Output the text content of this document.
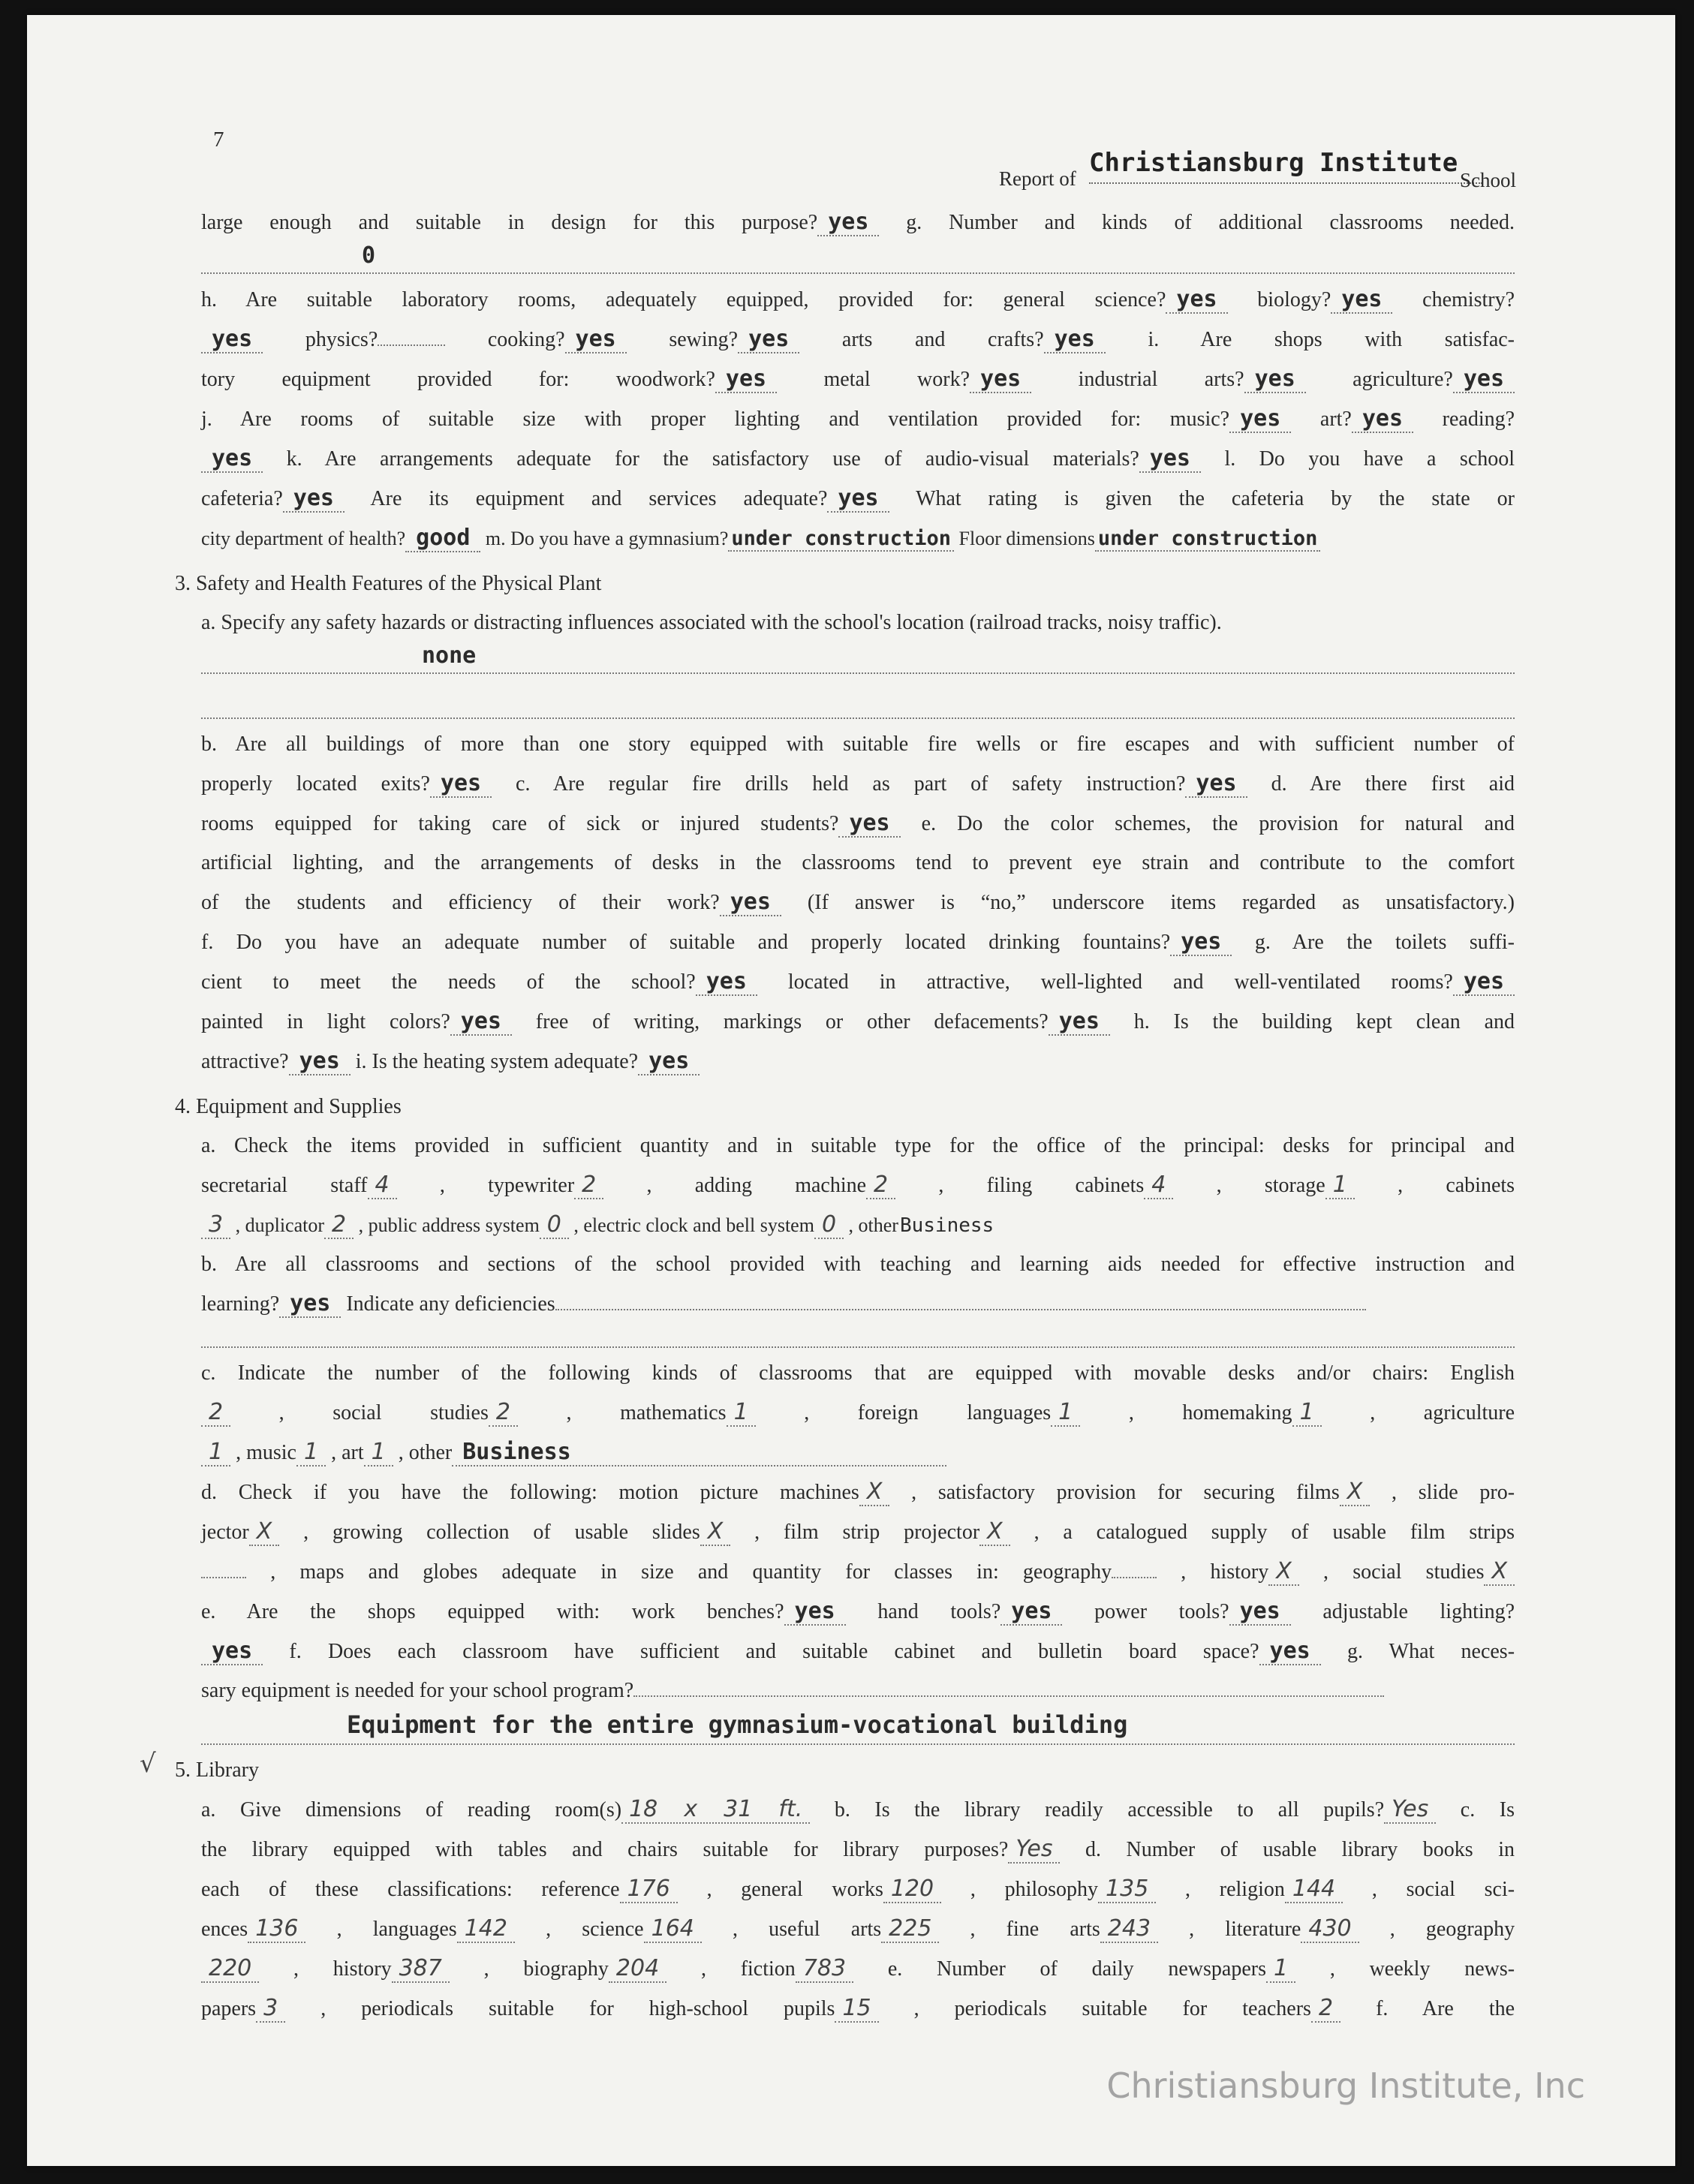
7
Report of
Christiansburg Institute
School
√

large enough and suitable in design for this purpose? yes g. Number and kinds of additional classrooms needed.

0

h. Are suitable laboratory rooms, adequately equipped, provided for: general science? yes biology? yes chemistry?

yes	physics?	cooking? yes	sewing? yes	arts and crafts? yes	i. Are shops with satisfac-

tory equipment provided for: woodwork? yes	metal work? yes	industrial arts? yes	agriculture? yes

j. Are rooms of suitable size with proper lighting and ventilation provided for: music? yes art? yes reading?

yes k. Are arrangements adequate for the satisfactory use of audio-visual materials? yes l. Do you have a school

cafeteria? yes Are its equipment and services adequate? yes What rating is given the cafeteria by the state or

city department of health? good m. Do you have a gymnasium? under construction Floor dimensions under construction

3. Safety and Health Features of the Physical Plant

a. Specify any safety hazards or distracting influences associated with the school's location (railroad tracks, noisy traffic).

none

b. Are all buildings of more than one story equipped with suitable fire wells or fire escapes and with sufficient number of

properly located exits? yes c. Are regular fire drills held as part of safety instruction? yes d. Are there first aid

rooms equipped for taking care of sick or injured students? yes e. Do the color schemes, the provision for natural and

artificial lighting, and the arrangements of desks in the classrooms tend to prevent eye strain and contribute to the comfort

of the students and efficiency of their work? yes (If answer is “no,” underscore items regarded as unsatisfactory.)

f. Do you have an adequate number of suitable and properly located drinking fountains? yes g. Are the toilets suffi-

cient to meet the needs of the school? yes located in attractive, well-lighted and well-ventilated rooms? yes

painted in light colors? yes free of writing, markings or other defacements? yes h. Is the building kept clean and

attractive? yes i. Is the heating system adequate? yes

4. Equipment and Supplies

a. Check the items provided in sufficient quantity and in suitable type for the office of the principal: desks for principal and

secretarial staff 4 , typewriter 2 , adding machine 2 , filing cabinets 4 , storage 1 , cabinets

3 , duplicator 2 , public address system 0 , electric clock and bell system 0 , otherBusiness

b. Are all classrooms and sections of the school provided with teaching and learning aids needed for effective instruction and

learning? yes Indicate any deficiencies

c. Indicate the number of the following kinds of classrooms that are equipped with movable desks and/or chairs: English

2	, social studies 2	, mathematics 1	, foreign languages 1	, homemaking 1	, agriculture

1 , music 1 , art 1 , other Business

d. Check if you have the following: motion picture machines X , satisfactory provision for securing films X , slide pro-

jector X , growing collection of usable slides X , film strip projector X , a catalogued supply of usable film strips

, maps and globes adequate in size and quantity for classes in: geography	, history X , social studies X

e. Are the shops equipped with: work benches? yes hand tools? yes power tools? yes adjustable lighting?

yes f. Does each classroom have sufficient and suitable cabinet and bulletin board space? yes g. What neces-

sary equipment is needed for your school program?

Equipment for the entire gymnasium-vocational building
5. Library

a. Give dimensions of reading room(s) 18 x 31 ft. b. Is the library readily accessible to all pupils? Yes c. Is

the library equipped with tables and chairs suitable for library purposes? Yes d. Number of usable library books in

each of these classifications: reference 176 , general works 120 , philosophy 135 , religion 144 , social sci-

ences 136 , languages 142 , science 164 , useful arts 225 , fine arts 243 , literature 430 , geography

220 , history 387 , biography 204 , fiction 783 e. Number of daily newspapers 1 , weekly news-

papers 3 , periodicals suitable for high-school pupils 15 , periodicals suitable for teachers 2 f. Are the

Christiansburg Institute, Inc
